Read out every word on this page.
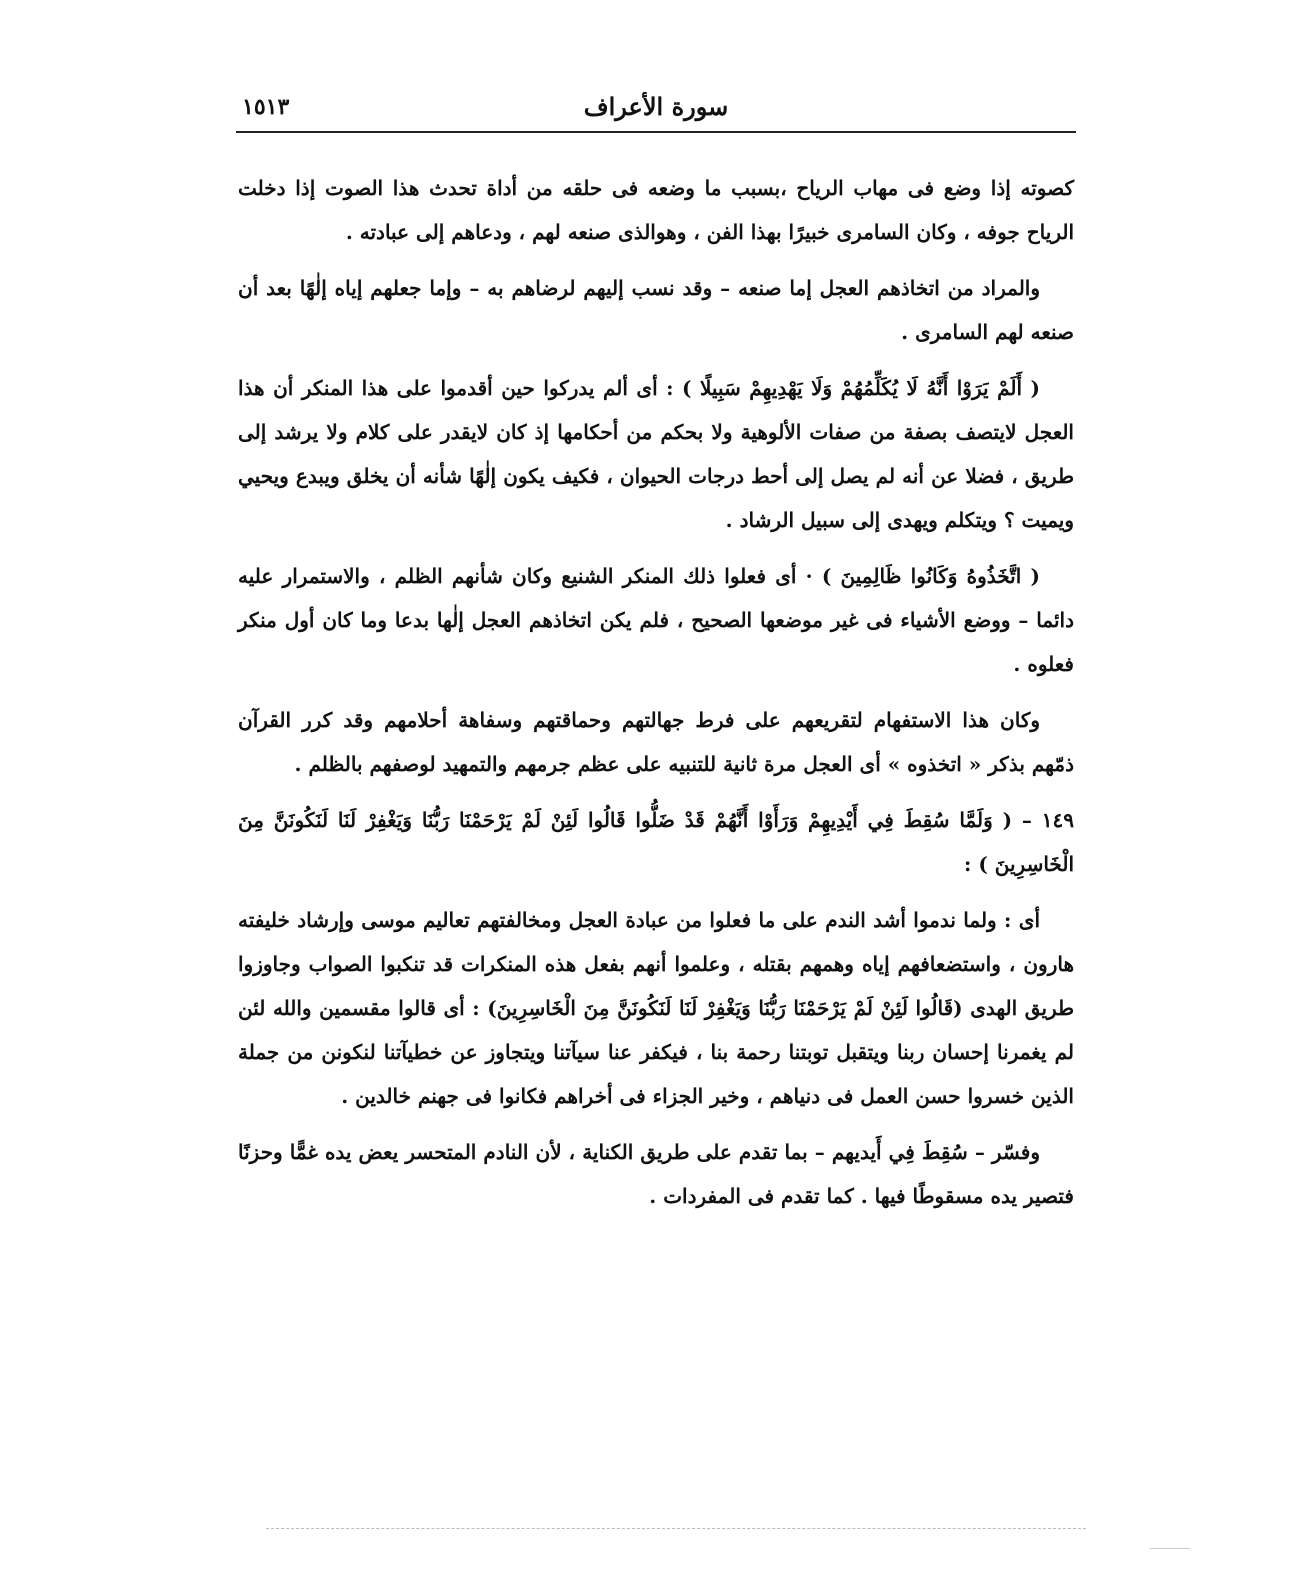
سورة الأعراف
١٥١٣

كصوته إذا وضع فى مهاب الرياح ،بسبب ما وضعه فى حلقه من أداة تحدث هذا الصوت إذا دخلت الرياح جوفه ، وكان السامرى خبيرًا بهذا الفن ، وهوالذى صنعه لهم ، ودعاهم إلى عبادته .

والمراد من اتخاذهم العجل إما صنعه – وقد نسب إليهم لرضاهم به – وإما جعلهم إياه إلٰهًا بعد أن صنعه لهم السامرى .

( أَلَمْ يَرَوْا أَنَّهُ لَا يُكَلِّمُهُمْ وَلَا يَهْدِيهِمْ سَبِيلًا ) : أى ألم يدركوا حين أقدموا على هذا المنكر أن هذا العجل لايتصف بصفة من صفات الألوهية ولا بحكم من أحكامها إذ كان لايقدر على كلام ولا يرشد إلى طريق ، فضلا عن أنه لم يصل إلى أحط درجات الحيوان ، فكيف يكون إلٰهًا شأنه أن يخلق ويبدع ويحيي ويميت ؟ ويتكلم ويهدى إلى سبيل الرشاد .

( اتَّخَذُوهُ وَكَانُوا ظَالِمِينَ ) · أى فعلوا ذلك المنكر الشنيع وكان شأنهم الظلم ، والاستمرار عليه دائما – ووضع الأشياء فى غير موضعها الصحيح ، فلم يكن اتخاذهم العجل إلٰها بدعا وما كان أول منكر فعلوه .

وكان هذا الاستفهام لتقريعهم على فرط جهالتهم وحماقتهم وسفاهة أحلامهم وقد كرر القرآن ذمّهم بذكر « اتخذوه » أى العجل مرة ثانية للتنبيه على عظم جرمهم والتمهيد لوصفهم بالظلم .

١٤٩ – ( وَلَمَّا سُقِطَ فِي أَيْدِيهِمْ وَرَأَوْا أَنَّهُمْ قَدْ ضَلُّوا قَالُوا لَئِنْ لَمْ يَرْحَمْنَا رَبُّنَا وَيَغْفِرْ لَنَا لَنَكُونَنَّ مِنَ الْخَاسِرِينَ ) :

أى : ولما ندموا أشد الندم على ما فعلوا من عبادة العجل ومخالفتهم تعاليم موسى وإرشاد خليفته هارون ، واستضعافهم إياه وهمهم بقتله ، وعلموا أنهم بفعل هذه المنكرات قد تنكبوا الصواب وجاوزوا طريق الهدى (قَالُوا لَئِنْ لَمْ يَرْحَمْنَا رَبُّنَا وَيَغْفِرْ لَنَا لَنَكُونَنَّ مِنَ الْخَاسِرِينَ) : أى قالوا مقسمين والله لئن لم يغمرنا إحسان ربنا ويتقبل توبتنا رحمة بنا ، فيكفر عنا سيآتنا ويتجاوز عن خطيآتنا لنكونن من جملة الذين خسروا حسن العمل فى دنياهم ، وخير الجزاء فى أخراهم فكانوا فى جهنم خالدين .

وفسّر – سُقِطَ فِي أَيديهم – بما تقدم على طريق الكناية ، لأن النادم المتحسر يعض يده غمًّا وحزنًا فتصير يده مسقوطًا فيها . كما تقدم فى المفردات .
